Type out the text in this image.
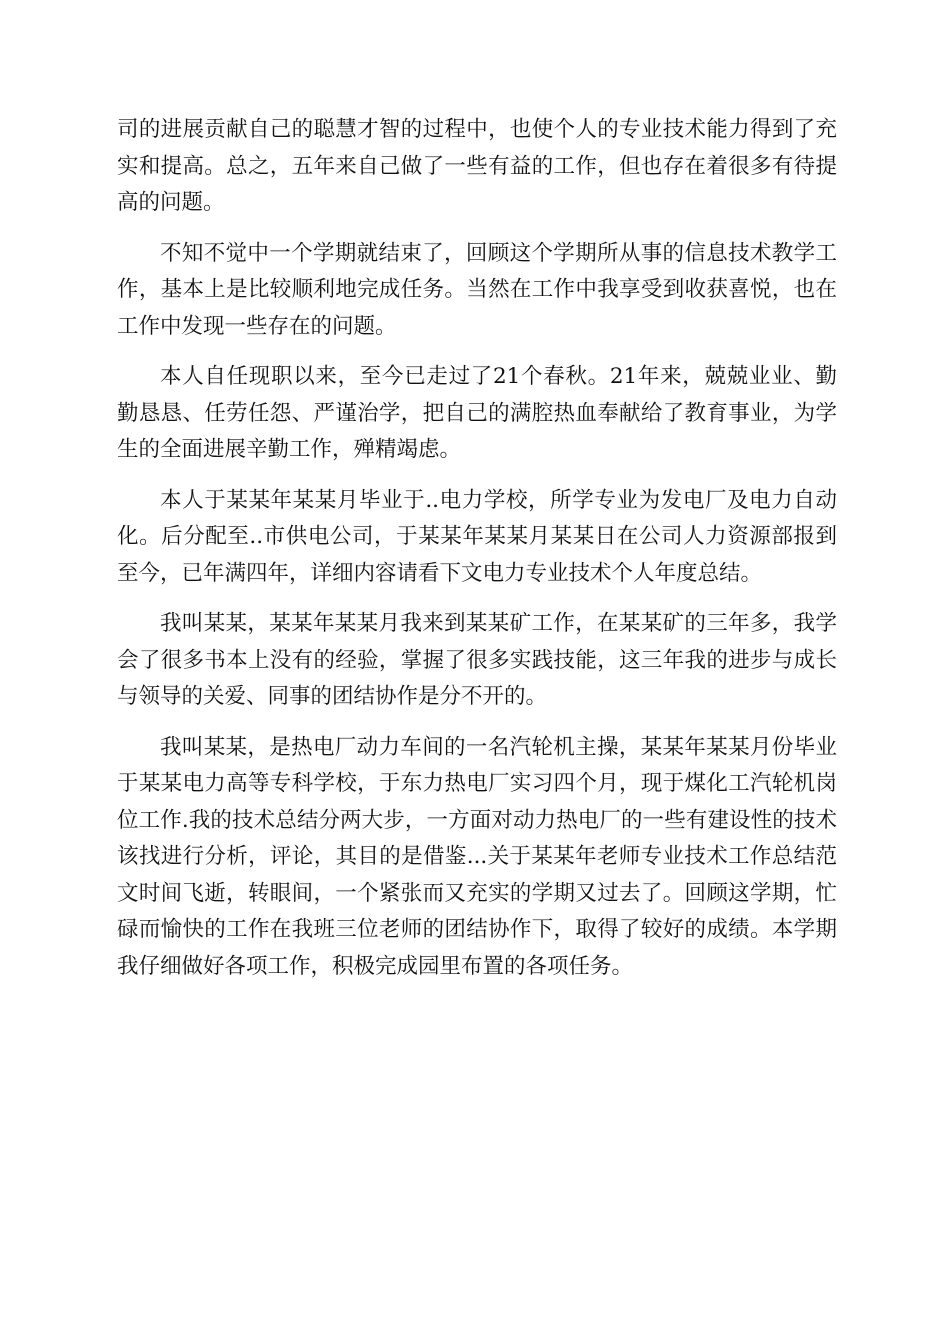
司的进展贡献自己的聪慧才智的过程中，也使个人的专业技术能力得到了充实和提高。总之，五年来自己做了一些有益的工作，但也存在着很多有待提高的问题。

不知不觉中一个学期就结束了，回顾这个学期所从事的信息技术教学工作，基本上是比较顺利地完成任务。当然在工作中我享受到收获喜悦，也在工作中发现一些存在的问题。

本人自任现职以来，至今已走过了21个春秋。21年来，兢兢业业、勤勤恳恳、任劳任怨、严谨治学，把自己的满腔热血奉献给了教育事业，为学生的全面进展辛勤工作，殚精竭虑。

本人于某某年某某月毕业于..电力学校，所学专业为发电厂及电力自动化。后分配至..市供电公司，于某某年某某月某某日在公司人力资源部报到至今，已年满四年，详细内容请看下文电力专业技术个人年度总结。

我叫某某，某某年某某月我来到某某矿工作，在某某矿的三年多，我学会了很多书本上没有的经验，掌握了很多实践技能，这三年我的进步与成长与领导的关爱、同事的团结协作是分不开的。

我叫某某，是热电厂动力车间的一名汽轮机主操，某某年某某月份毕业于某某电力高等专科学校，于东力热电厂实习四个月，现于煤化工汽轮机岗位工作.我的技术总结分两大步，一方面对动力热电厂的一些有建设性的技术该找进行分析，评论，其目的是借鉴...关于某某年老师专业技术工作总结范文时间飞逝，转眼间，一个紧张而又充实的学期又过去了。回顾这学期，忙碌而愉快的工作在我班三位老师的团结协作下，取得了较好的成绩。本学期我仔细做好各项工作，积极完成园里布置的各项任务。
